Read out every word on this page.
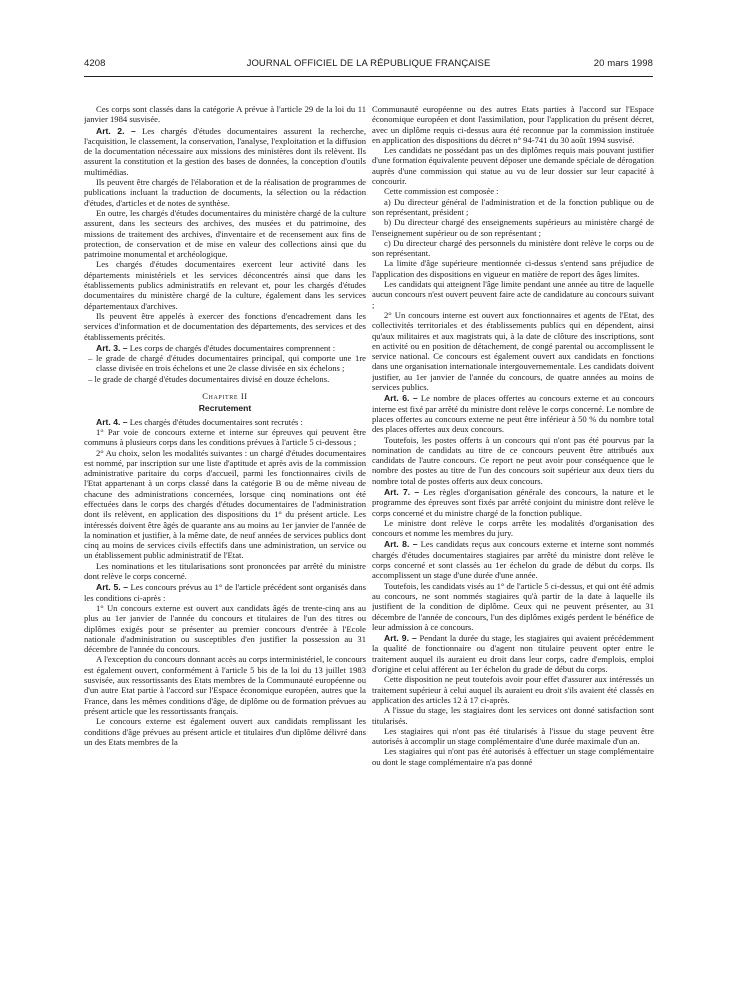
4208	JOURNAL OFFICIEL DE LA RÉPUBLIQUE FRANÇAISE	20 mars 1998

Ces corps sont classés dans la catégorie A prévue à l'article 29 de la loi du 11 janvier 1984 susvisée.

Art. 2. – Les chargés d'études documentaires assurent la recherche, l'acquisition, le classement, la conservation, l'analyse, l'exploitation et la diffusion de la documentation nécessaire aux missions des ministères dont ils relèvent. Ils assurent la constitution et la gestion des bases de données, la conception d'outils multimédias.

Ils peuvent être chargés de l'élaboration et de la réalisation de programmes de publications incluant la traduction de documents, la sélection ou la rédaction d'études, d'articles et de notes de synthèse.

En outre, les chargés d'études documentaires du ministère chargé de la culture assurent, dans les secteurs des archives, des musées et du patrimoine, des missions de traitement des archives, d'inventaire et de recensement aux fins de protection, de conservation et de mise en valeur des collections ainsi que du patrimoine monumental et archéologique.

Les chargés d'études documentaires exercent leur activité dans les départements ministériels et les services déconcentrés ainsi que dans les établissements publics administratifs en relevant et, pour les chargés d'études documentaires du ministère chargé de la culture, également dans les services départementaux d'archives.

Ils peuvent être appelés à exercer des fonctions d'encadrement dans les services d'information et de documentation des départements, des services et des établissements précités.

Art. 3. – Les corps de chargés d'études documentaires comprennent :

– le grade de chargé d'études documentaires principal, qui comporte une 1re classe divisée en trois échelons et une 2e classe divisée en six échelons ;
– le grade de chargé d'études documentaires divisé en douze échelons.
Chapitre II
Recrutement

Art. 4. – Les chargés d'études documentaires sont recrutés :

1° Par voie de concours externe et interne sur épreuves qui peuvent être communs à plusieurs corps dans les conditions prévues à l'article 5 ci-dessous ;

2° Au choix, selon les modalités suivantes : un chargé d'études documentaires est nommé, par inscription sur une liste d'aptitude et après avis de la commission administrative paritaire du corps d'accueil, parmi les fonctionnaires civils de l'Etat appartenant à un corps classé dans la catégorie B ou de même niveau de chacune des administrations concernées, lorsque cinq nominations ont été effectuées dans le corps des chargés d'études documentaires de l'administration dont ils relèvent, en application des dispositions du 1° du présent article. Les intéressés doivent être âgés de quarante ans au moins au 1er janvier de l'année de la nomination et justifier, à la même date, de neuf années de services publics dont cinq au moins de services civils effectifs dans une administration, un service ou un établissement public administratif de l'Etat.

Les nominations et les titularisations sont prononcées par arrêté du ministre dont relève le corps concerné.

Art. 5. – Les concours prévus au 1° de l'article précédent sont organisés dans les conditions ci-après :

1° Un concours externe est ouvert aux candidats âgés de trente-cinq ans au plus au 1er janvier de l'année du concours et titulaires de l'un des titres ou diplômes exigés pour se présenter au premier concours d'entrée à l'Ecole nationale d'administration ou susceptibles d'en justifier la possession au 31 décembre de l'année du concours.

A l'exception du concours donnant accès au corps interministériel, le concours est également ouvert, conformément à l'article 5 bis de la loi du 13 juillet 1983 susvisée, aux ressortissants des Etats membres de la Communauté européenne ou d'un autre Etat partie à l'accord sur l'Espace économique européen, autres que la France, dans les mêmes conditions d'âge, de diplôme ou de formation prévues au présent article que les ressortissants français.

Le concours externe est également ouvert aux candidats remplissant les conditions d'âge prévues au présent article et titulaires d'un diplôme délivré dans un des Etats membres de la

Communauté européenne ou des autres Etats parties à l'accord sur l'Espace économique européen et dont l'assimilation, pour l'application du présent décret, avec un diplôme requis ci-dessus aura été reconnue par la commission instituée en application des dispositions du décret n° 94-741 du 30 août 1994 susvisé.

Les candidats ne possédant pas un des diplômes requis mais pouvant justifier d'une formation équivalente peuvent déposer une demande spéciale de dérogation auprès d'une commission qui statue au vu de leur dossier sur leur capacité à concourir.

Cette commission est composée :

a) Du directeur général de l'administration et de la fonction publique ou de son représentant, président ;

b) Du directeur chargé des enseignements supérieurs au ministère chargé de l'enseignement supérieur ou de son représentant ;

c) Du directeur chargé des personnels du ministère dont relève le corps ou de son représentant.

La limite d'âge supérieure mentionnée ci-dessus s'entend sans préjudice de l'application des dispositions en vigueur en matière de report des âges limites.

Les candidats qui atteignent l'âge limite pendant une année au titre de laquelle aucun concours n'est ouvert peuvent faire acte de candidature au concours suivant ;

2° Un concours interne est ouvert aux fonctionnaires et agents de l'Etat, des collectivités territoriales et des établissements publics qui en dépendent, ainsi qu'aux militaires et aux magistrats qui, à la date de clôture des inscriptions, sont en activité ou en position de détachement, de congé parental ou accomplissent le service national. Ce concours est également ouvert aux candidats en fonctions dans une organisation internationale intergouvernementale. Les candidats doivent justifier, au 1er janvier de l'année du concours, de quatre années au moins de services publics.

Art. 6. – Le nombre de places offertes au concours externe et au concours interne est fixé par arrêté du ministre dont relève le corps concerné. Le nombre de places offertes au concours externe ne peut être inférieur à 50 % du nombre total des places offertes aux deux concours.

Toutefois, les postes offerts à un concours qui n'ont pas été pourvus par la nomination de candidats au titre de ce concours peuvent être attribués aux candidats de l'autre concours. Ce report ne peut avoir pour conséquence que le nombre des postes au titre de l'un des concours soit supérieur aux deux tiers du nombre total de postes offerts aux deux concours.

Art. 7. – Les règles d'organisation générale des concours, la nature et le programme des épreuves sont fixés par arrêté conjoint du ministre dont relève le corps concerné et du ministre chargé de la fonction publique.

Le ministre dont relève le corps arrête les modalités d'organisation des concours et nomme les membres du jury.

Art. 8. – Les candidats reçus aux concours externe et interne sont nommés chargés d'études documentaires stagiaires par arrêté du ministre dont relève le corps concerné et sont classés au 1er échelon du grade de début du corps. Ils accomplissent un stage d'une durée d'une année.

Toutefois, les candidats visés au 1° de l'article 5 ci-dessus, et qui ont été admis au concours, ne sont nommés stagiaires qu'à partir de la date à laquelle ils justifient de la condition de diplôme. Ceux qui ne peuvent présenter, au 31 décembre de l'année de concours, l'un des diplômes exigés perdent le bénéfice de leur admission à ce concours.

Art. 9. – Pendant la durée du stage, les stagiaires qui avaient précédemment la qualité de fonctionnaire ou d'agent non titulaire peuvent opter entre le traitement auquel ils auraient eu droit dans leur corps, cadre d'emplois, emploi d'origine et celui afférent au 1er échelon du grade de début du corps.

Cette disposition ne peut toutefois avoir pour effet d'assurer aux intéressés un traitement supérieur à celui auquel ils auraient eu droit s'ils avaient été classés en application des articles 12 à 17 ci-après.

A l'issue du stage, les stagiaires dont les services ont donné satisfaction sont titularisés.

Les stagiaires qui n'ont pas été titularisés à l'issue du stage peuvent être autorisés à accomplir un stage complémentaire d'une durée maximale d'un an.

Les stagiaires qui n'ont pas été autorisés à effectuer un stage complémentaire ou dont le stage complémentaire n'a pas donné
